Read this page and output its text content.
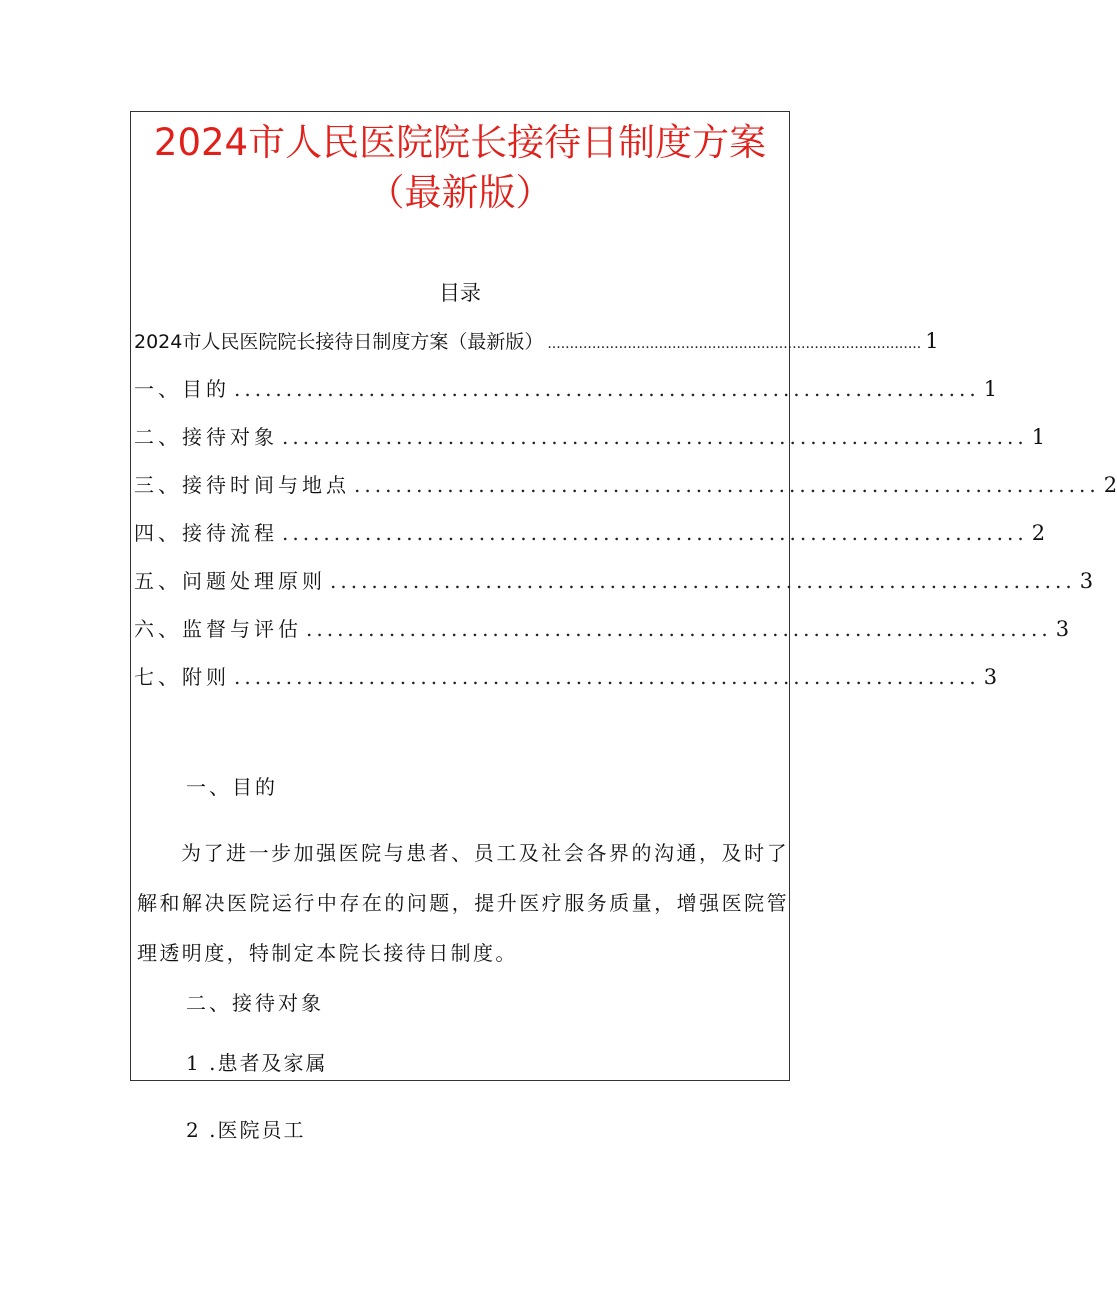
2024市人民医院院长接待日制度方案
（最新版）
目录
2024市人民医院院长接待日制度方案（最新版） .................................................................................... 1
一、目的 ........................................................................ 1
二、接待对象 ........................................................................ 1
三、接待时间与地点 ........................................................................ 2
四、接待流程 ........................................................................ 2
五、问题处理原则 ........................................................................ 3
六、监督与评估 ........................................................................ 3
七、附则 ........................................................................ 3
一、目的
为了进一步加强医院与患者、员工及社会各界的沟通，及时了解和解决医院运行中存在的问题，提升医疗服务质量，增强医院管理透明度，特制定本院长接待日制度。
二、接待对象
1 .患者及家属
2 .医院员工
